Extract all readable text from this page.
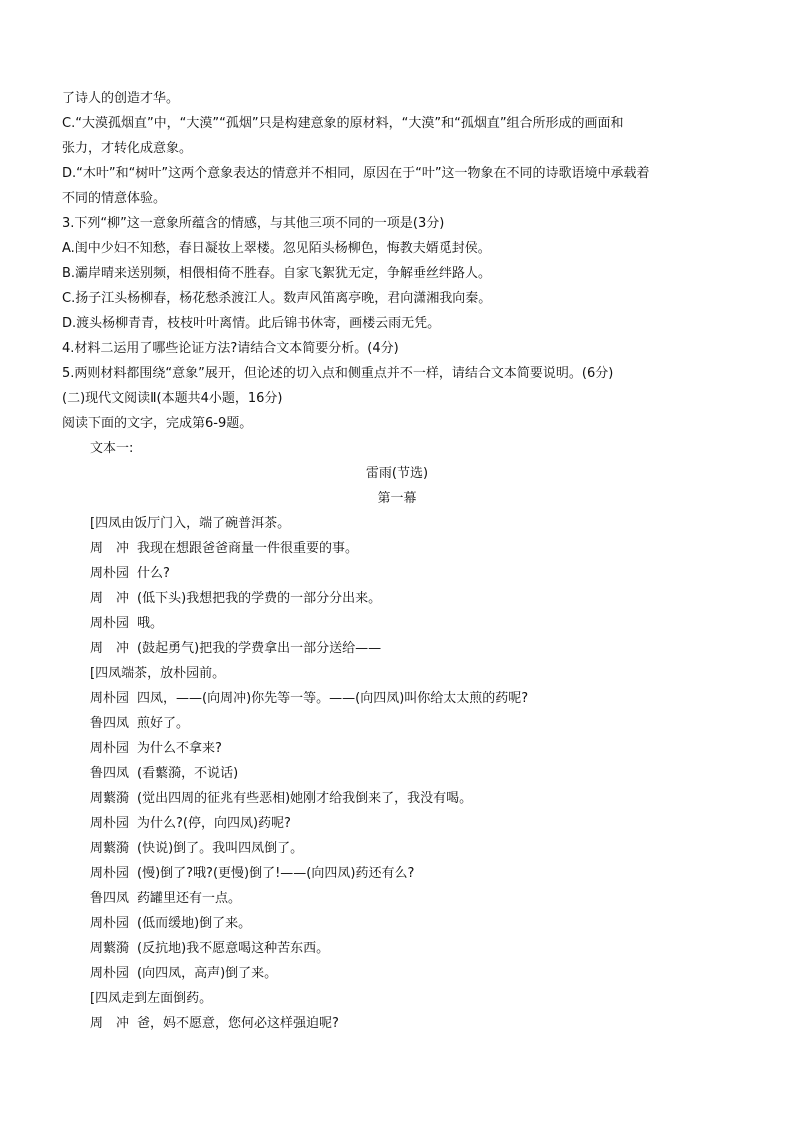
了诗人的创造才华。
C.“大漠孤烟直”中，“大漠”“孤烟”只是构建意象的原材料，“大漠”和“孤烟直”组合所形成的画面和
张力，才转化成意象。
D.“木叶”和“树叶”这两个意象表达的情意并不相同，原因在于“叶”这一物象在不同的诗歌语境中承载着
不同的情意体验。
3.下列“柳”这一意象所蕴含的情感，与其他三项不同的一项是(3分)
A.闺中少妇不知愁，春日凝妆上翠楼。忽见陌头杨柳色，悔教夫婿觅封侯。
B.灞岸晴来送别频，相偎相倚不胜春。自家飞絮犹无定，争解垂丝绊路人。
C.扬子江头杨柳春，杨花愁杀渡江人。数声风笛离亭晚，君向潇湘我向秦。
D.渡头杨柳青青，枝枝叶叶离情。此后锦书休寄，画楼云雨无凭。
4.材料二运用了哪些论证方法?请结合文本简要分析。(4分)
5.两则材料都围绕“意象”展开，但论述的切入点和侧重点并不一样，请结合文本简要说明。(6分)
(二)现代文阅读Ⅱ(本题共4小题，16分)
阅读下面的文字，完成第6-9题。
文本一:
雷雨(节选)
第一幕
[四凤由饭厅门入，端了碗普洱茶。
周　冲 我现在想跟爸爸商量一件很重要的事。
周朴园 什么?
周　冲 (低下头)我想把我的学费的一部分分出来。
周朴园 哦。
周　冲 (鼓起勇气)把我的学费拿出一部分送给——
[四凤端茶，放朴园前。
周朴园 四凤，——(向周冲)你先等一等。——(向四凤)叫你给太太煎的药呢?
鲁四凤 煎好了。
周朴园 为什么不拿来?
鲁四凤 (看蘩漪，不说话)
周蘩漪 (觉出四周的征兆有些恶相)她刚才给我倒来了，我没有喝。
周朴园 为什么?(停，向四凤)药呢?
周蘩漪 (快说)倒了。我叫四凤倒了。
周朴园 (慢)倒了?哦?(更慢)倒了!——(向四凤)药还有么?
鲁四凤 药罐里还有一点。
周朴园 (低而缓地)倒了来。
周蘩漪 (反抗地)我不愿意喝这种苦东西。
周朴园 (向四凤，高声)倒了来。
[四凤走到左面倒药。
周　冲 爸，妈不愿意，您何必这样强迫呢?
